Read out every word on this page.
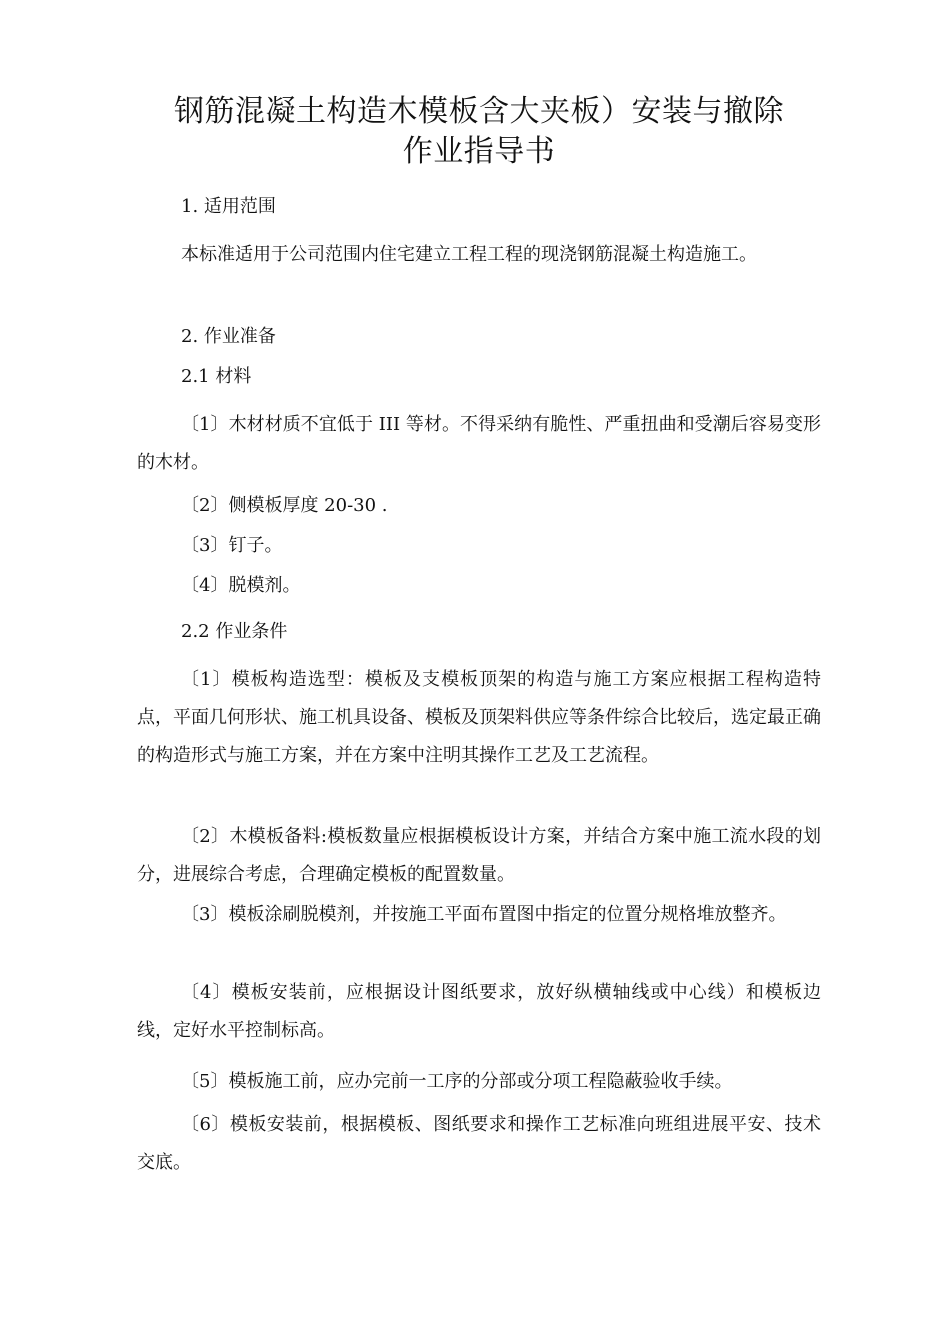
钢筋混凝土构造木模板含大夹板）安装与撤除
作业指导书

1. 适用范围

本标准适用于公司范围内住宅建立工程工程的现浇钢筋混凝土构造施工。

2. 作业准备

2.1 材料

〔1〕木材材质不宜低于 III 等材。不得采纳有脆性、严重扭曲和受潮后容易变形的木材。

〔2〕侧模板厚度 20-30 .

〔3〕钉子。

〔4〕脱模剂。

2.2 作业条件

〔1〕模板构造选型：模板及支模板顶架的构造与施工方案应根据工程构造特点，平面几何形状、施工机具设备、模板及顶架料供应等条件综合比较后，选定最正确的构造形式与施工方案，并在方案中注明其操作工艺及工艺流程。

〔2〕木模板备料:模板数量应根据模板设计方案，并结合方案中施工流水段的划分，进展综合考虑，合理确定模板的配置数量。

〔3〕模板涂刷脱模剂，并按施工平面布置图中指定的位置分规格堆放整齐。

〔4〕模板安装前，应根据设计图纸要求，放好纵横轴线或中心线）和模板边线，定好水平控制标高。

〔5〕模板施工前，应办完前一工序的分部或分项工程隐蔽验收手续。

〔6〕模板安装前，根据模板、图纸要求和操作工艺标准向班组进展平安、技术交底。
